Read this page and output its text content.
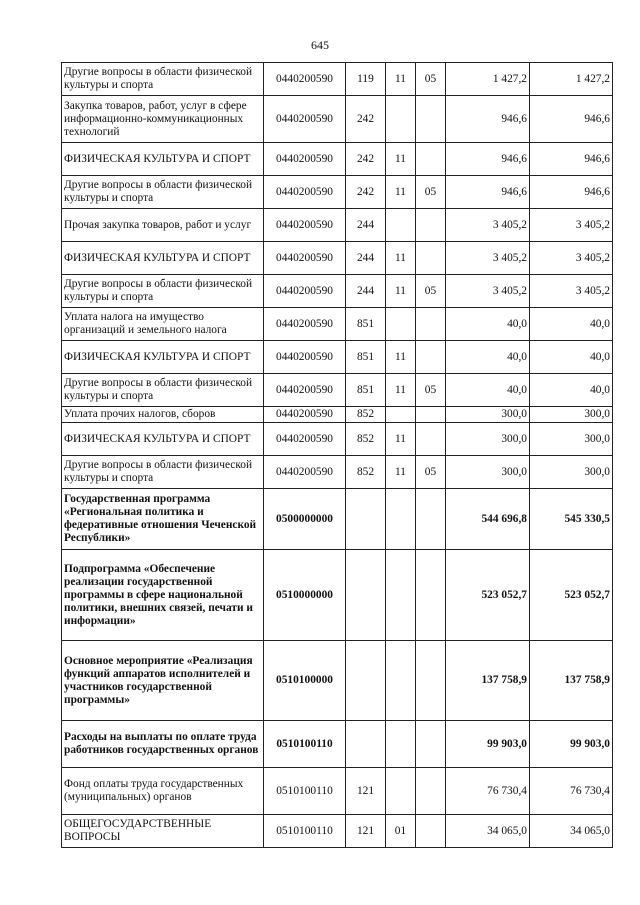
645
Другие вопросы в области физической культуры и спорта	0440200590	119	11	05	1 427,2	1 427,2
Закупка товаров, работ, услуг в сфере информационно-коммуникационных технологий	0440200590	242			946,6	946,6
ФИЗИЧЕСКАЯ КУЛЬТУРА И СПОРТ	0440200590	242	11		946,6	946,6
Другие вопросы в области физической культуры и спорта	0440200590	242	11	05	946,6	946,6
Прочая закупка товаров, работ и услуг	0440200590	244			3 405,2	3 405,2
ФИЗИЧЕСКАЯ КУЛЬТУРА И СПОРТ	0440200590	244	11		3 405,2	3 405,2
Другие вопросы в области физической культуры и спорта	0440200590	244	11	05	3 405,2	3 405,2
Уплата налога на имущество организаций и земельного налога	0440200590	851			40,0	40,0
ФИЗИЧЕСКАЯ КУЛЬТУРА И СПОРТ	0440200590	851	11		40,0	40,0
Другие вопросы в области физической культуры и спорта	0440200590	851	11	05	40,0	40,0
Уплата прочих налогов, сборов	0440200590	852			300,0	300,0
ФИЗИЧЕСКАЯ КУЛЬТУРА И СПОРТ	0440200590	852	11		300,0	300,0
Другие вопросы в области физической культуры и спорта	0440200590	852	11	05	300,0	300,0
Государственная программа «Региональная политика и федеративные отношения Чеченской Республики»	0500000000				544 696,8	545 330,5
Подпрограмма «Обеспечение реализации государственной программы в сфере национальной политики, внешних связей, печати и информации»	0510000000				523 052,7	523 052,7
Основное мероприятие «Реализация функций аппаратов исполнителей и участников государственной программы»	0510100000				137 758,9	137 758,9
Расходы на выплаты по оплате труда работников государственных органов	0510100110				99 903,0	99 903,0
Фонд оплаты труда государственных (муниципальных) органов	0510100110	121			76 730,4	76 730,4
ОБЩЕГОСУДАРСТВЕННЫЕ ВОПРОСЫ	0510100110	121	01		34 065,0	34 065,0
